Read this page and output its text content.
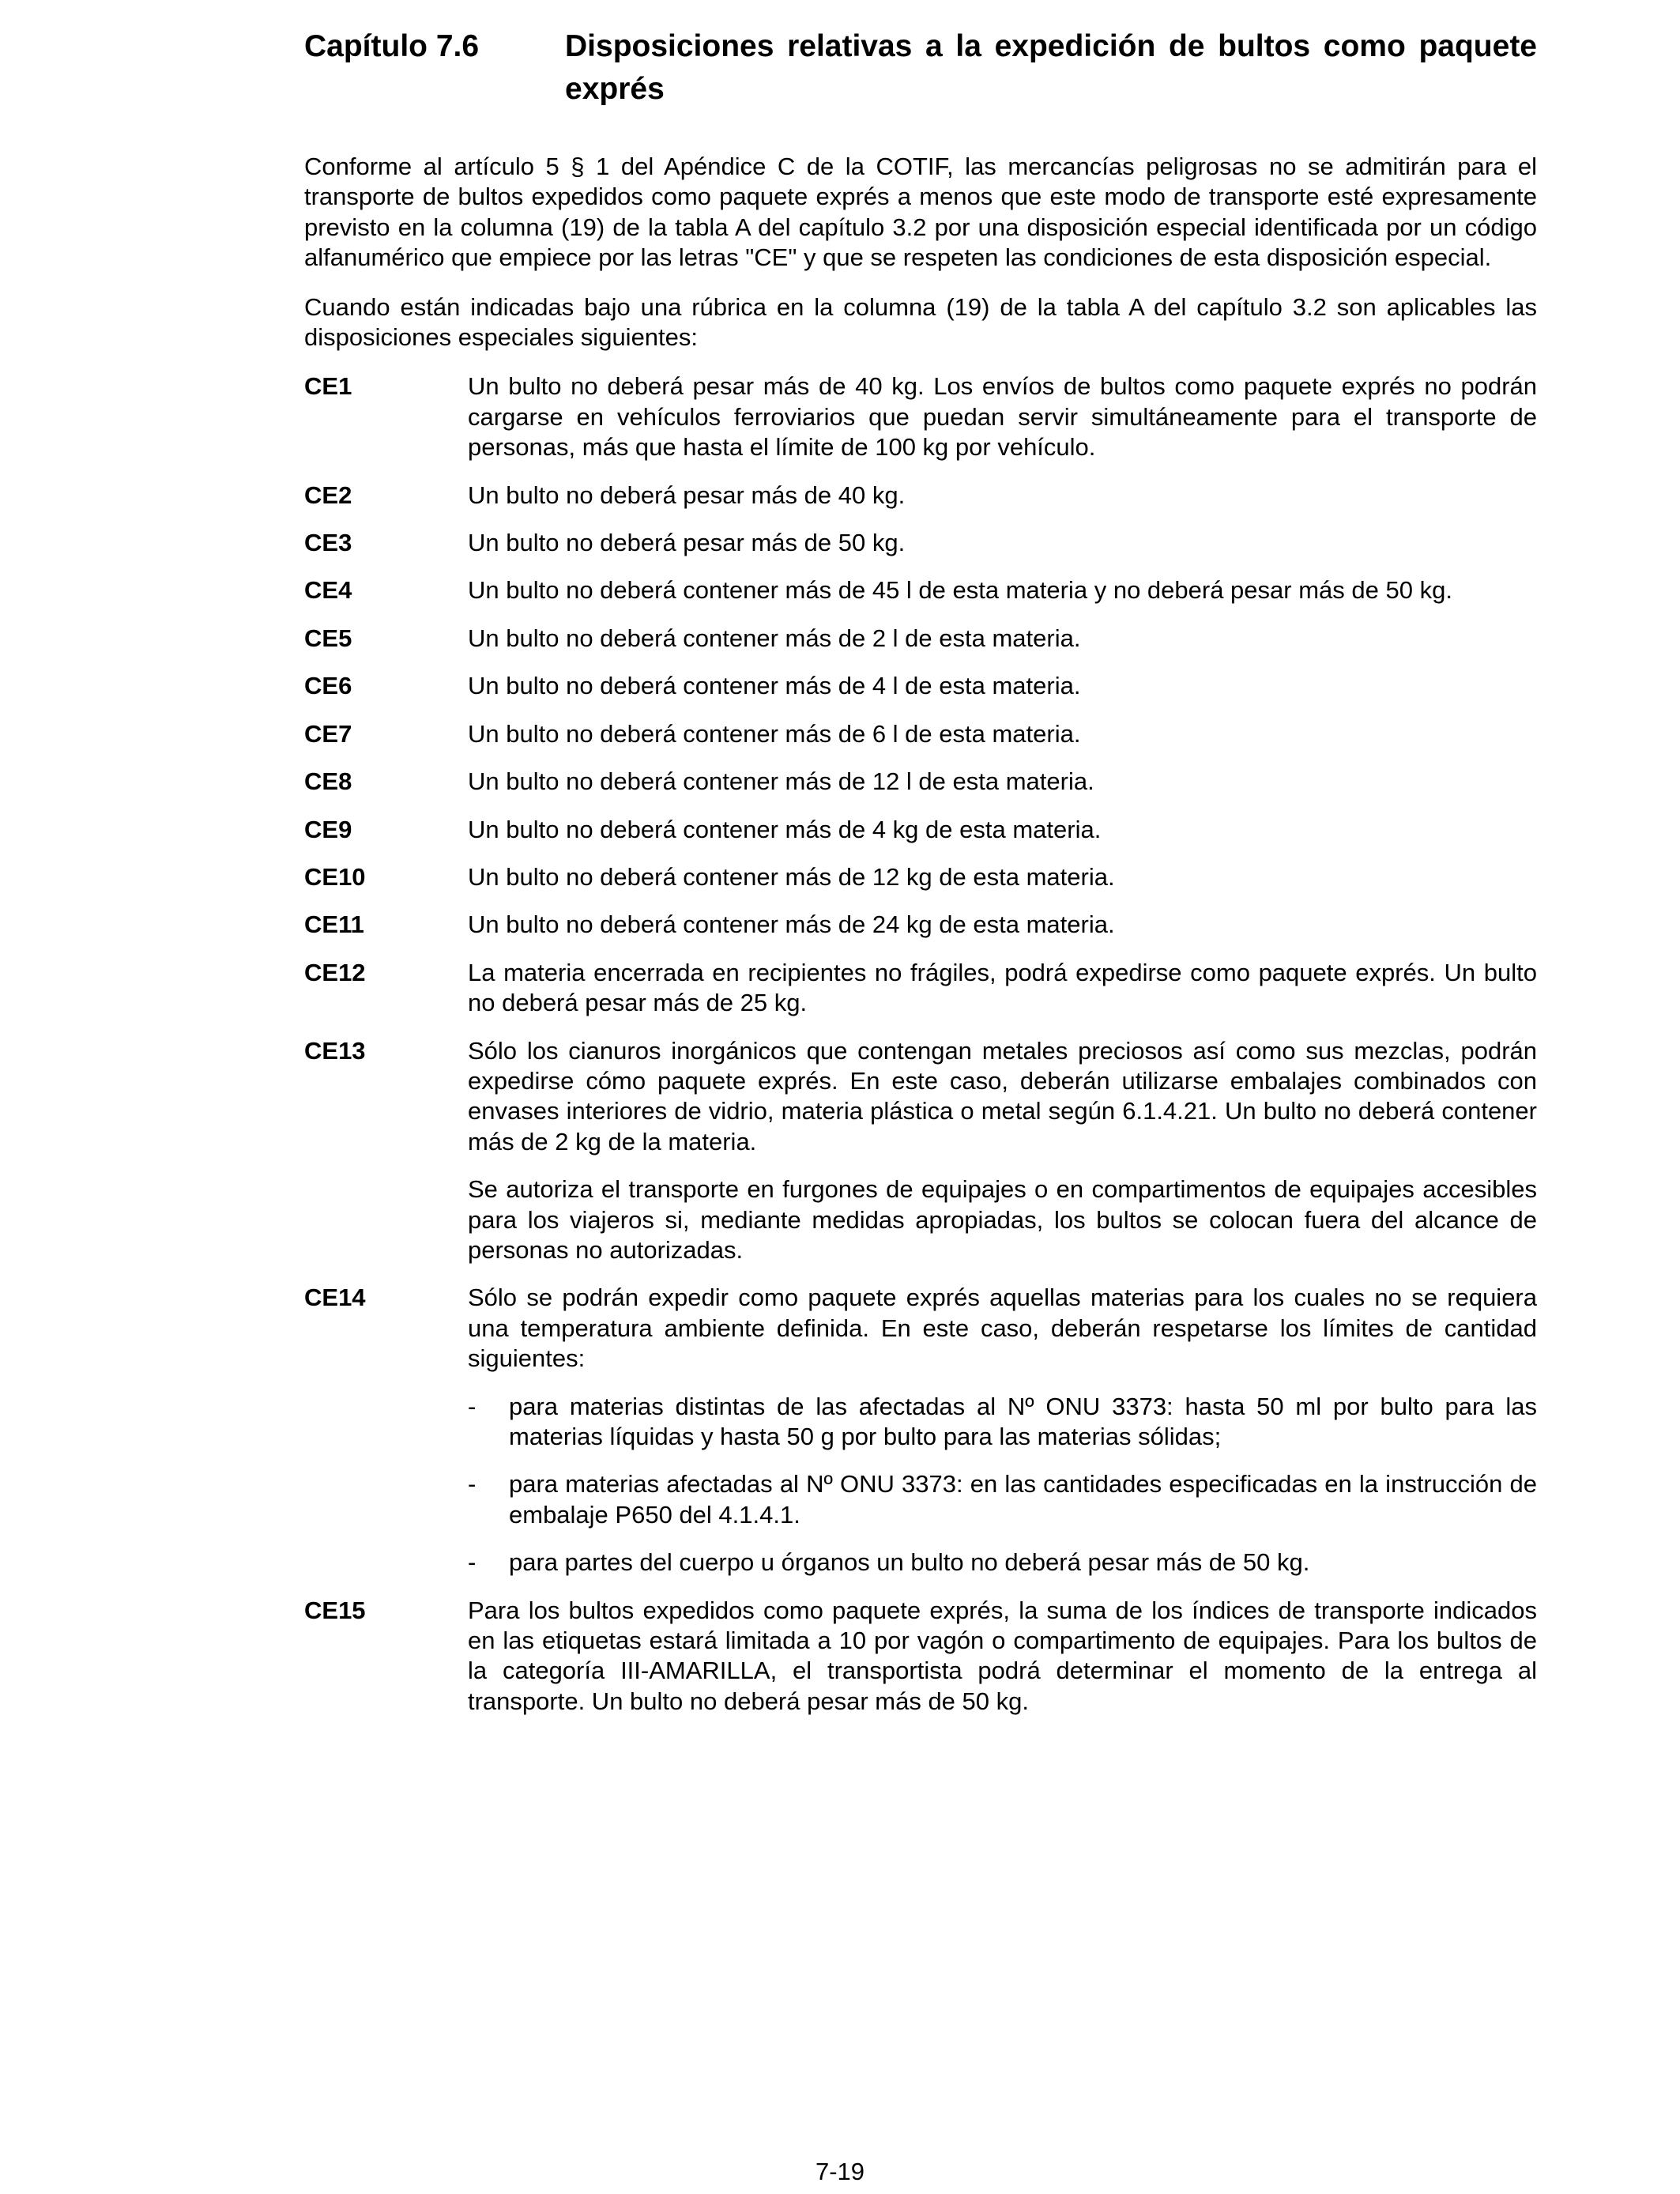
Capítulo 7.6	Disposiciones relativas a la expedición de bultos como paquete exprés

Conforme al artículo 5 § 1 del Apéndice C de la COTIF, las mercancías peligrosas no se admitirán para el transporte de bultos expedidos como paquete exprés a menos que este modo de transporte esté expresamente previsto en la columna (19) de la tabla A del capítulo 3.2 por una disposición especial identificada por un código alfanumérico que empiece por las letras "CE" y que se respeten las condiciones de esta disposición especial.

Cuando están indicadas bajo una rúbrica en la columna (19) de la tabla A del capítulo 3.2 son aplicables las disposiciones especiales siguientes:

CE1	Un bulto no deberá pesar más de 40 kg. Los envíos de bultos como paquete exprés no podrán cargarse en vehículos ferroviarios que puedan servir simultáneamente para el transporte de personas, más que hasta el límite de 100 kg por vehículo.

CE2	Un bulto no deberá pesar más de 40 kg.

CE3	Un bulto no deberá pesar más de 50 kg.

CE4	Un bulto no deberá contener más de 45 l de esta materia y no deberá pesar más de 50 kg.

CE5	Un bulto no deberá contener más de 2 l de esta materia.

CE6	Un bulto no deberá contener más de 4 l de esta materia.

CE7	Un bulto no deberá contener más de 6 l de esta materia.

CE8	Un bulto no deberá contener más de 12 l de esta materia.

CE9	Un bulto no deberá contener más de 4 kg de esta materia.

CE10	Un bulto no deberá contener más de 12 kg de esta materia.

CE11	Un bulto no deberá contener más de 24 kg de esta materia.

CE12	La materia encerrada en recipientes no frágiles, podrá expedirse como paquete exprés. Un bulto no deberá pesar más de 25 kg.

CE13	Sólo los cianuros inorgánicos que contengan metales preciosos así como sus mezclas, podrán expedirse cómo paquete exprés. En este caso, deberán utilizarse embalajes combinados con envases interiores de vidrio, materia plástica o metal según 6.1.4.21. Un bulto no deberá contener más de 2 kg de la materia.

Se autoriza el transporte en furgones de equipajes o en compartimentos de equipajes accesibles para los viajeros si, mediante medidas apropiadas, los bultos se colocan fuera del alcance de personas no autorizadas.

CE14	Sólo se podrán expedir como paquete exprés aquellas materias para los cuales no se requiera una temperatura ambiente definida. En este caso, deberán respetarse los límites de cantidad siguientes:

-	para materias distintas de las afectadas al Nº ONU 3373: hasta 50 ml por bulto para las materias líquidas y hasta 50 g por bulto para las materias sólidas;
-	para materias afectadas al Nº ONU 3373: en las cantidades especificadas en la instrucción de embalaje P650 del 4.1.4.1.
-	para partes del cuerpo u órganos un bulto no deberá pesar más de 50 kg.
CE15	Para los bultos expedidos como paquete exprés, la suma de los índices de transporte indicados en las etiquetas estará limitada a 10 por vagón o compartimento de equipajes. Para los bultos de la categoría III-AMARILLA, el transportista podrá determinar el momento de la entrega al transporte. Un bulto no deberá pesar más de 50 kg.

7-19
